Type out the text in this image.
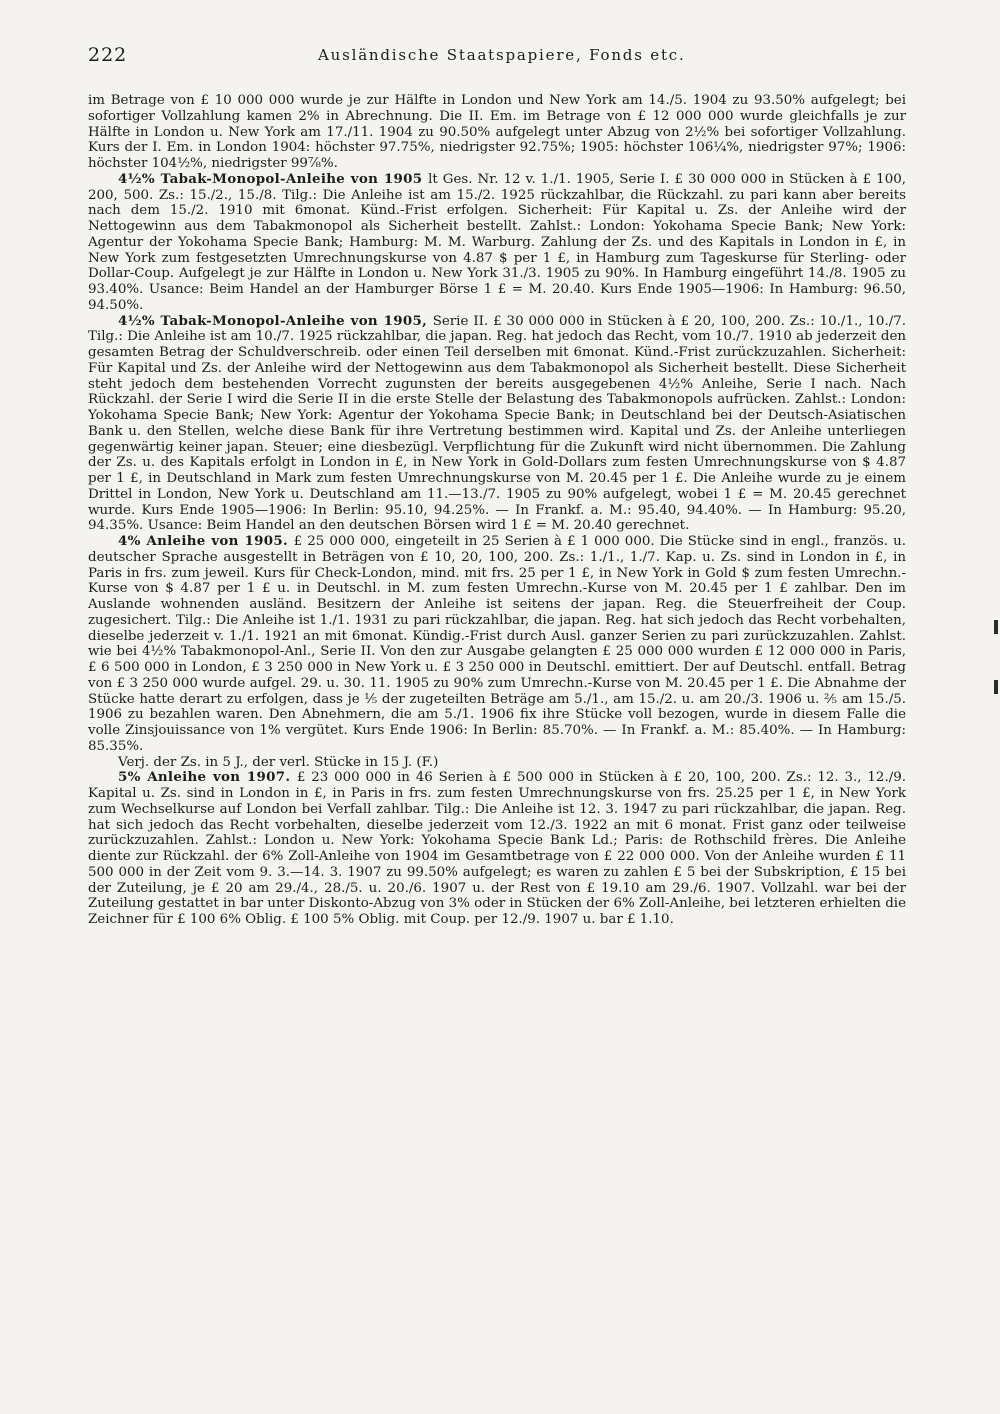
222	Ausländische Staatspapiere, Fonds etc.

im Betrage von £ 10 000 000 wurde je zur Hälfte in London und New York am 14./5. 1904 zu 93.50% aufgelegt; bei sofortiger Vollzahlung kamen 2% in Abrechnung. Die II. Em. im Betrage von £ 12 000 000 wurde gleichfalls je zur Hälfte in London u. New York am 17./11. 1904 zu 90.50% aufgelegt unter Abzug von 2½% bei sofortiger Vollzahlung. Kurs der I. Em. in London 1904: höchster 97.75%, niedrigster 92.75%; 1905: höchster 106¼%, niedrigster 97%; 1906: höchster 104½%, niedrigster 99⅞%.

4½% Tabak-Monopol-Anleihe von 1905 lt Ges. Nr. 12 v. 1./1. 1905, Serie I. £ 30 000 000 in Stücken à £ 100, 200, 500. Zs.: 15./2., 15./8. Tilg.: Die Anleihe ist am 15./2. 1925 rückzahlbar, die Rückzahl. zu pari kann aber bereits nach dem 15./2. 1910 mit 6monat. Künd.-Frist erfolgen. Sicherheit: Für Kapital u. Zs. der Anleihe wird der Nettogewinn aus dem Tabakmonopol als Sicherheit bestellt. Zahlst.: London: Yokohama Specie Bank; New York: Agentur der Yokohama Specie Bank; Hamburg: M. M. Warburg. Zahlung der Zs. und des Kapitals in London in £, in New York zum festgesetzten Umrechnungskurse von 4.87 $ per 1 £, in Hamburg zum Tageskurse für Sterling- oder Dollar-Coup. Aufgelegt je zur Hälfte in London u. New York 31./3. 1905 zu 90%. In Hamburg eingeführt 14./8. 1905 zu 93.40%. Usance: Beim Handel an der Hamburger Börse 1 £ = M. 20.40. Kurs Ende 1905—1906: In Hamburg: 96.50, 94.50%.

4½% Tabak-Monopol-Anleihe von 1905, Serie II. £ 30 000 000 in Stücken à £ 20, 100, 200. Zs.: 10./1., 10./7. Tilg.: Die Anleihe ist am 10./7. 1925 rückzahlbar, die japan. Reg. hat jedoch das Recht, vom 10./7. 1910 ab jederzeit den gesamten Betrag der Schuldverschreib. oder einen Teil derselben mit 6monat. Künd.-Frist zurückzuzahlen. Sicherheit: Für Kapital und Zs. der Anleihe wird der Nettogewinn aus dem Tabakmonopol als Sicherheit bestellt. Diese Sicherheit steht jedoch dem bestehenden Vorrecht zugunsten der bereits ausgegebenen 4½% Anleihe, Serie I nach. Nach Rückzahl. der Serie I wird die Serie II in die erste Stelle der Belastung des Tabakmonopols aufrücken. Zahlst.: London: Yokohama Specie Bank; New York: Agentur der Yokohama Specie Bank; in Deutschland bei der Deutsch-Asiatischen Bank u. den Stellen, welche diese Bank für ihre Vertretung bestimmen wird. Kapital und Zs. der Anleihe unterliegen gegenwärtig keiner japan. Steuer; eine diesbezügl. Verpflichtung für die Zukunft wird nicht übernommen. Die Zahlung der Zs. u. des Kapitals erfolgt in London in £, in New York in Gold-Dollars zum festen Umrechnungskurse von $ 4.87 per 1 £, in Deutschland in Mark zum festen Umrechnungskurse von M. 20.45 per 1 £. Die Anleihe wurde zu je einem Drittel in London, New York u. Deutschland am 11.—13./7. 1905 zu 90% aufgelegt, wobei 1 £ = M. 20.45 gerechnet wurde. Kurs Ende 1905—1906: In Berlin: 95.10, 94.25%. — In Frankf. a. M.: 95.40, 94.40%. — In Hamburg: 95.20, 94.35%. Usance: Beim Handel an den deutschen Börsen wird 1 £ = M. 20.40 gerechnet.

4% Anleihe von 1905. £ 25 000 000, eingeteilt in 25 Serien à £ 1 000 000. Die Stücke sind in engl., französ. u. deutscher Sprache ausgestellt in Beträgen von £ 10, 20, 100, 200. Zs.: 1./1., 1./7. Kap. u. Zs. sind in London in £, in Paris in frs. zum jeweil. Kurs für Check-London, mind. mit frs. 25 per 1 £, in New York in Gold $ zum festen Umrechn.-Kurse von $ 4.87 per 1 £ u. in Deutschl. in M. zum festen Umrechn.-Kurse von M. 20.45 per 1 £ zahlbar. Den im Auslande wohnenden ausländ. Besitzern der Anleihe ist seitens der japan. Reg. die Steuerfreiheit der Coup. zugesichert. Tilg.: Die Anleihe ist 1./1. 1931 zu pari rückzahlbar, die japan. Reg. hat sich jedoch das Recht vorbehalten, dieselbe jederzeit v. 1./1. 1921 an mit 6monat. Kündig.-Frist durch Ausl. ganzer Serien zu pari zurückzuzahlen. Zahlst. wie bei 4½% Tabakmonopol-Anl., Serie II. Von den zur Ausgabe gelangten £ 25 000 000 wurden £ 12 000 000 in Paris, £ 6 500 000 in London, £ 3 250 000 in New York u. £ 3 250 000 in Deutschl. emittiert. Der auf Deutschl. entfall. Betrag von £ 3 250 000 wurde aufgel. 29. u. 30. 11. 1905 zu 90% zum Umrechn.-Kurse von M. 20.45 per 1 £. Die Abnahme der Stücke hatte derart zu erfolgen, dass je ⅕ der zugeteilten Beträge am 5./1., am 15./2. u. am 20./3. 1906 u. ⅖ am 15./5. 1906 zu bezahlen waren. Den Abnehmern, die am 5./1. 1906 fix ihre Stücke voll bezogen, wurde in diesem Falle die volle Zinsjouissance von 1% vergütet. Kurs Ende 1906: In Berlin: 85.70%. — In Frankf. a. M.: 85.40%. — In Hamburg: 85.35%.

Verj. der Zs. in 5 J., der verl. Stücke in 15 J. (F.)

5% Anleihe von 1907. £ 23 000 000 in 46 Serien à £ 500 000 in Stücken à £ 20, 100, 200. Zs.: 12. 3., 12./9. Kapital u. Zs. sind in London in £, in Paris in frs. zum festen Umrechnungskurse von frs. 25.25 per 1 £, in New York zum Wechselkurse auf London bei Verfall zahlbar. Tilg.: Die Anleihe ist 12. 3. 1947 zu pari rückzahlbar, die japan. Reg. hat sich jedoch das Recht vorbehalten, dieselbe jederzeit vom 12./3. 1922 an mit 6 monat. Frist ganz oder teilweise zurückzuzahlen. Zahlst.: London u. New York: Yokohama Specie Bank Ld.; Paris: de Rothschild frères. Die Anleihe diente zur Rückzahl. der 6% Zoll-Anleihe von 1904 im Gesamtbetrage von £ 22 000 000. Von der Anleihe wurden £ 11 500 000 in der Zeit vom 9. 3.—14. 3. 1907 zu 99.50% aufgelegt; es waren zu zahlen £ 5 bei der Subskription, £ 15 bei der Zuteilung, je £ 20 am 29./4., 28./5. u. 20./6. 1907 u. der Rest von £ 19.10 am 29./6. 1907. Vollzahl. war bei der Zuteilung gestattet in bar unter Diskonto-Abzug von 3% oder in Stücken der 6% Zoll-Anleihe, bei letzteren erhielten die Zeichner für £ 100 6% Oblig. £ 100 5% Oblig. mit Coup. per 12./9. 1907 u. bar £ 1.10.
